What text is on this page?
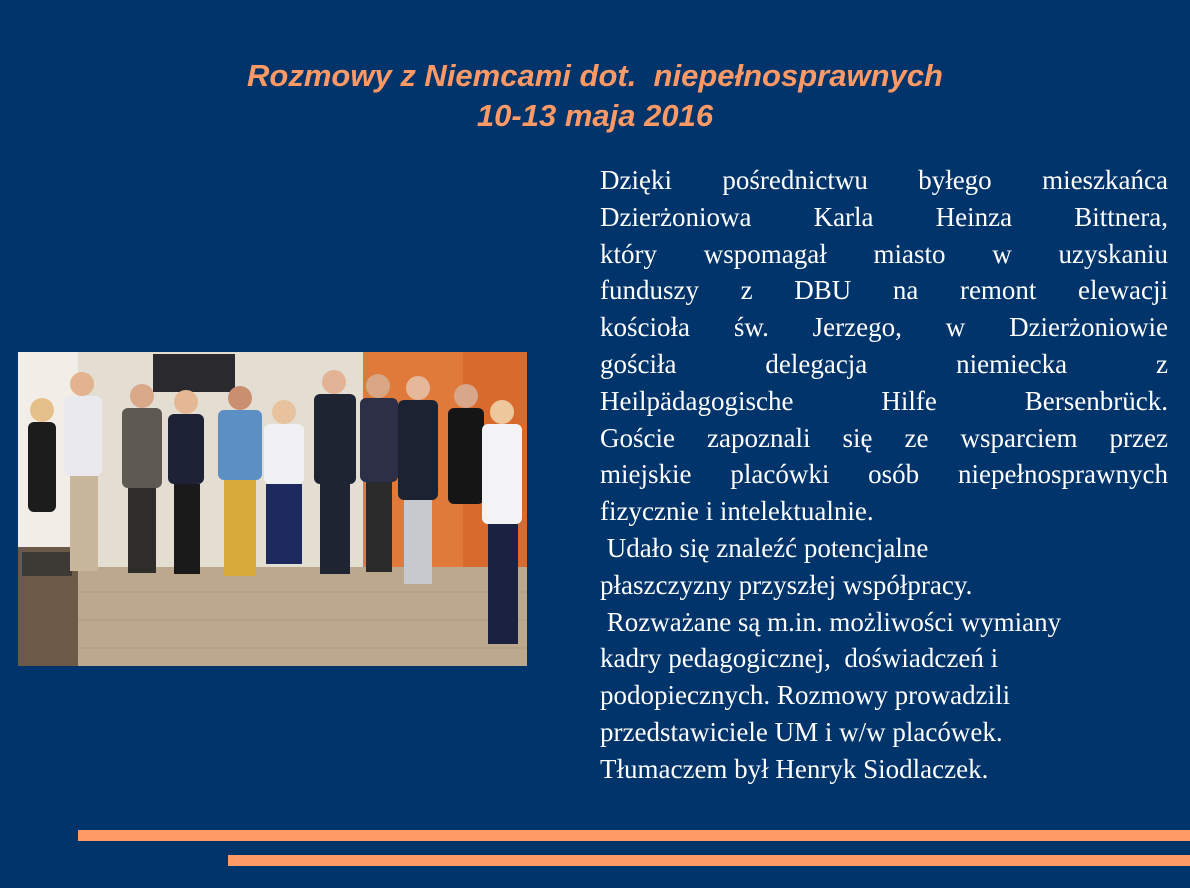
Rozmowy z Niemcami dot.  niepełnosprawnych
10-13 maja 2016
Dzięki pośrednictwu byłego mieszkańca
Dzierżoniowa Karla Heinza Bittnera,
który wspomagał miasto w uzyskaniu
funduszy z DBU na remont elewacji
kościoła św. Jerzego, w Dzierżoniowie
gościła delegacja niemiecka z
Heilpädagogische Hilfe Bersenbrück.
Goście zapoznali się ze wsparciem przez
miejskie placówki osób niepełnosprawnych
fizycznie i intelektualnie.
Udało się znaleźć potencjalne
płaszczyzny przyszłej współpracy.
Rozważane są m.in. możliwości wymiany
kadry pedagogicznej,  doświadczeń i
podopiecznych. Rozmowy prowadzili
przedstawiciele UM i w/w placówek.
Tłumaczem był Henryk Siodlaczek.
